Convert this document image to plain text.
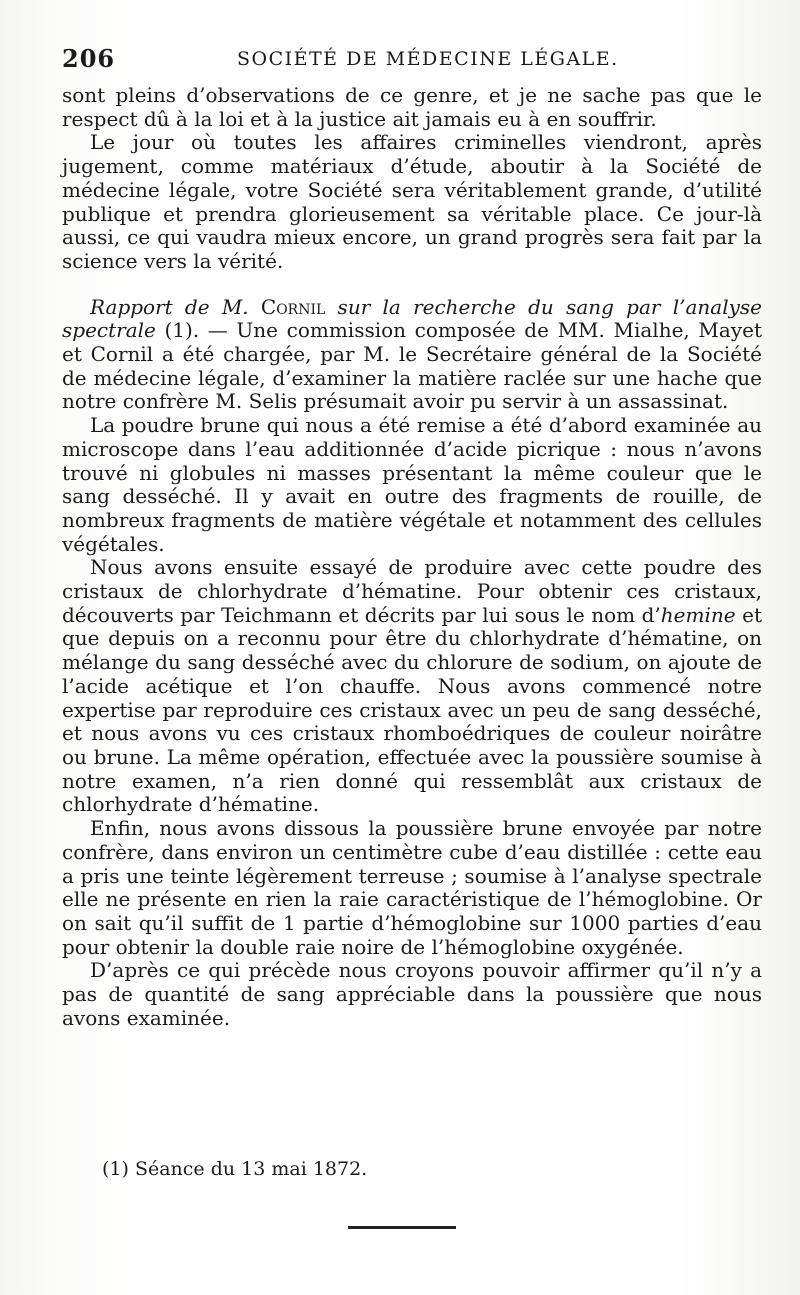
206	SOCIÉTÉ DE MÉDECINE LÉGALE.

sont pleins d’observations de ce genre, et je ne sache pas que le respect dû à la loi et à la justice ait jamais eu à en souffrir.

Le jour où toutes les affaires criminelles viendront, après jugement, comme matériaux d’étude, aboutir à la Société de médecine légale, votre Société sera véritablement grande, d’utilité publique et prendra glorieusement sa véritable place. Ce jour-là aussi, ce qui vaudra mieux encore, un grand progrès sera fait par la science vers la vérité.

Rapport de M. Cornil sur la recherche du sang par l’analyse spectrale (1). — Une commission composée de MM. Mialhe, Mayet et Cornil a été chargée, par M. le Secrétaire général de la Société de médecine légale, d’examiner la matière raclée sur une hache que notre confrère M. Selis présumait avoir pu servir à un assassinat.

La poudre brune qui nous a été remise a été d’abord examinée au microscope dans l’eau additionnée d’acide picrique : nous n’avons trouvé ni globules ni masses présentant la même couleur que le sang desséché. Il y avait en outre des fragments de rouille, de nombreux fragments de matière végétale et notamment des cellules végétales.

Nous avons ensuite essayé de produire avec cette poudre des cristaux de chlorhydrate d’hématine. Pour obtenir ces cristaux, découverts par Teichmann et décrits par lui sous le nom d’hemine et que depuis on a reconnu pour être du chlorhydrate d’hématine, on mélange du sang desséché avec du chlorure de sodium, on ajoute de l’acide acétique et l’on chauffe. Nous avons commencé notre expertise par reproduire ces cristaux avec un peu de sang desséché, et nous avons vu ces cristaux rhomboédriques de couleur noirâtre ou brune. La même opération, effectuée avec la poussière soumise à notre examen, n’a rien donné qui ressemblât aux cristaux de chlorhydrate d’hématine.

Enfin, nous avons dissous la poussière brune envoyée par notre confrère, dans environ un centimètre cube d’eau distillée : cette eau a pris une teinte légèrement terreuse ; soumise à l’analyse spectrale elle ne présente en rien la raie caractéristique de l’hémoglobine. Or on sait qu’il suffit de 1 partie d’hémoglobine sur 1000 parties d’eau pour obtenir la double raie noire de l’hémoglobine oxygénée.

D’après ce qui précède nous croyons pouvoir affirmer qu’il n’y a pas de quantité de sang appréciable dans la poussière que nous avons examinée.

(1) Séance du 13 mai 1872.
